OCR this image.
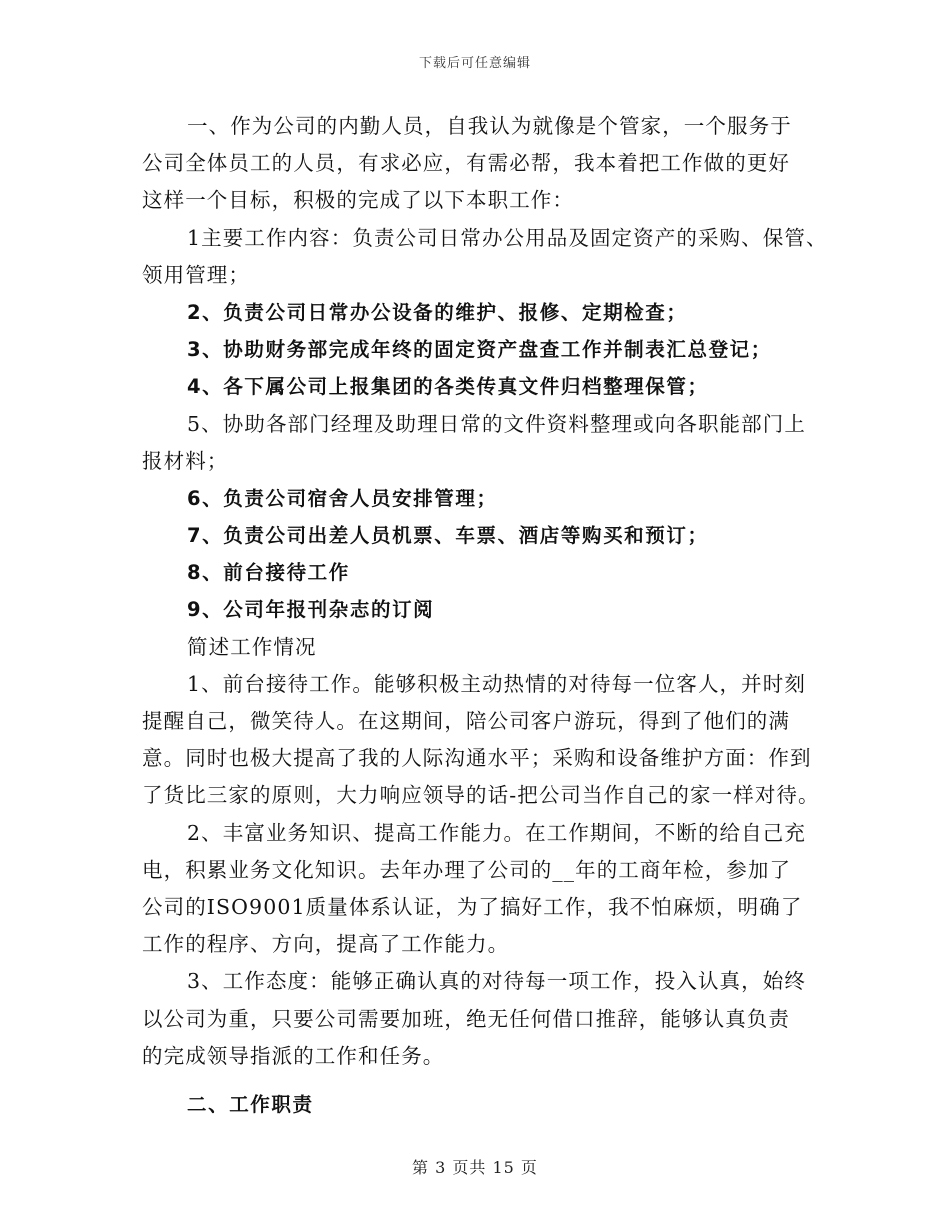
下载后可任意编辑
一、作为公司的内勤人员，自我认为就像是个管家，一个服务于
公司全体员工的人员，有求必应，有需必帮，我本着把工作做的更好
这样一个目标，积极的完成了以下本职工作：
1主要工作内容：负责公司日常办公用品及固定资产的采购、保管、
领用管理；
2、负责公司日常办公设备的维护、报修、定期检查；
3、协助财务部完成年终的固定资产盘查工作并制表汇总登记；
4、各下属公司上报集团的各类传真文件归档整理保管；
5、协助各部门经理及助理日常的文件资料整理或向各职能部门上
报材料；
6、负责公司宿舍人员安排管理；
7、负责公司出差人员机票、车票、酒店等购买和预订；
8、前台接待工作
9、公司年报刊杂志的订阅
简述工作情况
1、前台接待工作。能够积极主动热情的对待每一位客人，并时刻
提醒自己，微笑待人。在这期间，陪公司客户游玩，得到了他们的满
意。同时也极大提高了我的人际沟通水平；采购和设备维护方面：作到
了货比三家的原则，大力响应领导的话-把公司当作自己的家一样对待。
2、丰富业务知识、提高工作能力。在工作期间，不断的给自己充
电，积累业务文化知识。去年办理了公司的__年的工商年检，参加了
公司的ISO9001质量体系认证，为了搞好工作，我不怕麻烦，明确了
工作的程序、方向，提高了工作能力。
3、工作态度：能够正确认真的对待每一项工作，投入认真，始终
以公司为重，只要公司需要加班，绝无任何借口推辞，能够认真负责
的完成领导指派的工作和任务。
二、工作职责
第 3 页共 15 页
